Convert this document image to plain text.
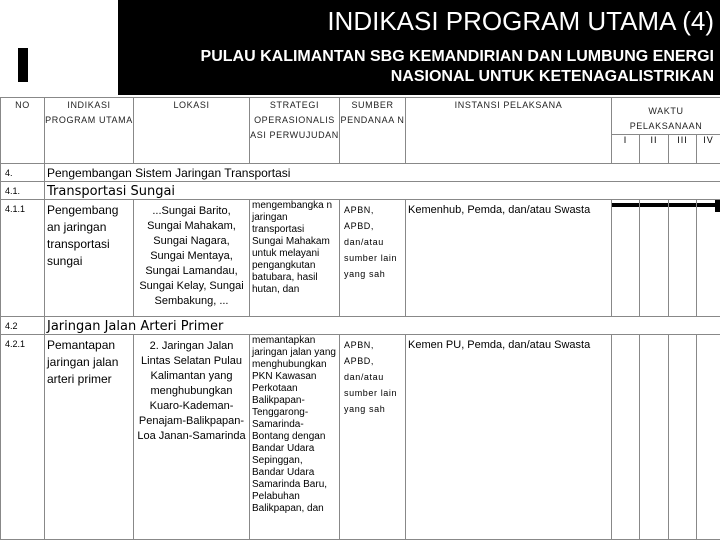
INDIKASI PROGRAM UTAMA (4)
PULAU KALIMANTAN SBG KEMANDIRIAN DAN LUMBUNG ENERGI
NASIONAL UNTUK KETENAGALISTRIKAN
NO	INDIKASI PROGRAM UTAMA	LOKASI	STRATEGI OPERASIONALIS ASI PERWUJUDAN	SUMBER PENDANAA N	INSTANSI PELAKSANA	WAKTU PELAKSANAAN			
						I	II	III	IV
4.	Pengembangan Sistem Jaringan Transportasi								
4.1.	Transportasi Sungai								
4.1.1	Pengembang an jaringan transportasi sungai	...Sungai Barito, Sungai Mahakam, Sungai Nagara, Sungai Mentaya, Sungai Lamandau, Sungai Kelay, Sungai Sembakung, ...	mengembangka n jaringan transportasi Sungai Mahakam untuk melayani pengangkutan batubara, hasil hutan, dan	APBN, APBD, dan/atau sumber lain yang sah	Kemenhub, Pemda, dan/atau Swasta	

4.2	Jaringan Jalan Arteri Primer								
4.2.1	Pemantapan jaringan jalan arteri primer	2. Jaringan Jalan Lintas Selatan Pulau Kalimantan yang menghubungkan Kuaro-Kademan-Penajam-Balikpapan-Loa Janan-Samarinda	memantapkan jaringan jalan yang menghubungkan PKN Kawasan Perkotaan Balikpapan-Tenggarong-Samarinda-Bontang dengan Bandar Udara Sepinggan, Bandar Udara Samarinda Baru, Pelabuhan Balikpapan, dan	APBN, APBD, dan/atau sumber lain yang sah	Kemen PU, Pemda, dan/atau Swasta				
